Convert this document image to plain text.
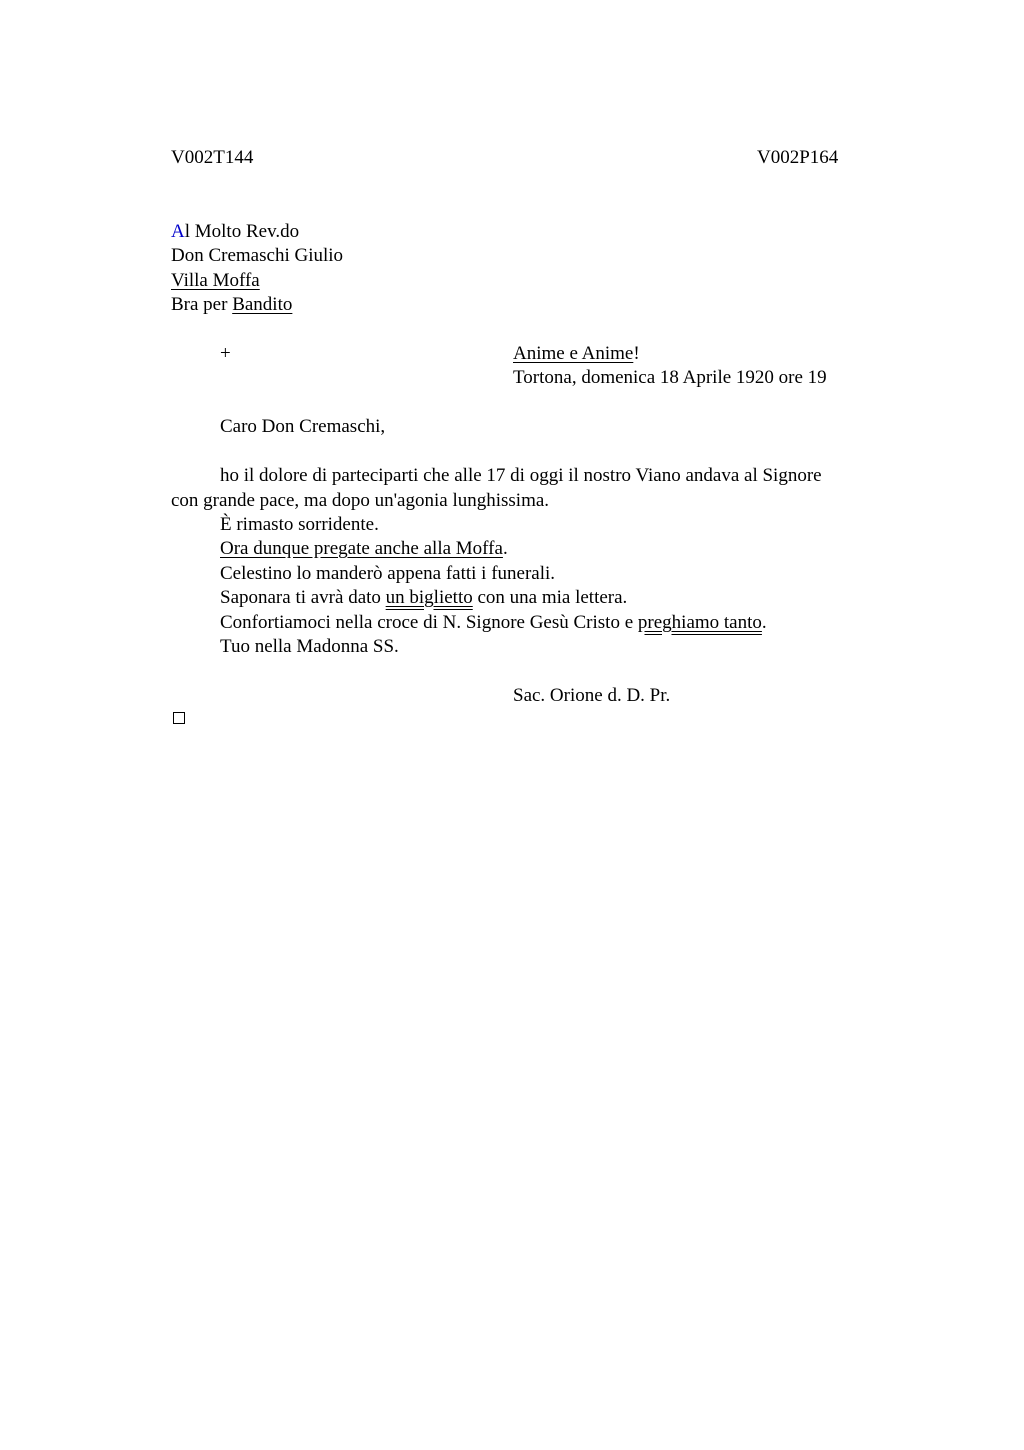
V002T144	V002P164

Al Molto Rev.do

Don Cremaschi Giulio

Villa Moffa

Bra per Bandito

+	Anime e Anime!

Tortona, domenica 18 Aprile 1920 ore 19

Caro Don Cremaschi,

ho il dolore di parteciparti che alle 17 di oggi il nostro Viano andava al Signore

con grande pace, ma dopo un'agonia lunghissima.

È rimasto sorridente.

Ora dunque pregate anche alla Moffa.

Celestino lo manderò appena fatti i funerali.

Saponara ti avrà dato un biglietto con una mia lettera.

Confortiamoci nella croce di N. Signore Gesù Cristo e preghiamo tanto.

Tuo nella Madonna SS.

Sac. Orione d. D. Pr.
